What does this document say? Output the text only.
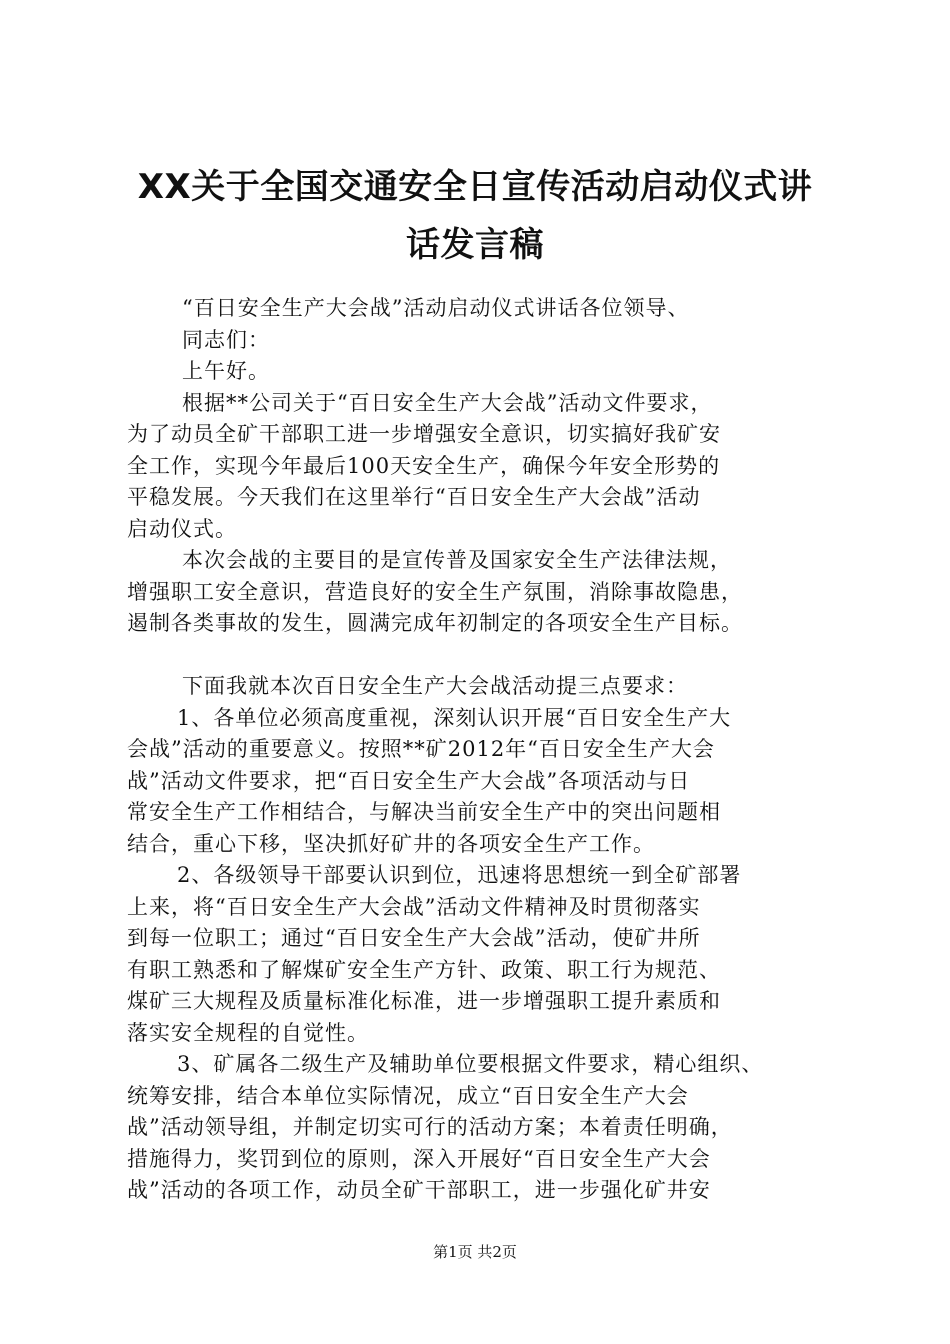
XX关于全国交通安全日宣传活动启动仪式讲
话发言稿
“百日安全生产大会战”活动启动仪式讲话各位领导、
同志们：
上午好。
根据**公司关于“百日安全生产大会战”活动文件要求，
为了动员全矿干部职工进一步增强安全意识，切实搞好我矿安
全工作，实现今年最后100天安全生产，确保今年安全形势的
平稳发展。今天我们在这里举行“百日安全生产大会战”活动
启动仪式。
本次会战的主要目的是宣传普及国家安全生产法律法规，
增强职工安全意识，营造良好的安全生产氛围，消除事故隐患，
遏制各类事故的发生，圆满完成年初制定的各项安全生产目标。
下面我就本次百日安全生产大会战活动提三点要求：
1、各单位必须高度重视，深刻认识开展“百日安全生产大
会战”活动的重要意义。按照**矿2012年“百日安全生产大会
战”活动文件要求，把“百日安全生产大会战”各项活动与日
常安全生产工作相结合，与解决当前安全生产中的突出问题相
结合，重心下移，坚决抓好矿井的各项安全生产工作。
2、各级领导干部要认识到位，迅速将思想统一到全矿部署
上来，将“百日安全生产大会战”活动文件精神及时贯彻落实
到每一位职工；通过“百日安全生产大会战”活动，使矿井所
有职工熟悉和了解煤矿安全生产方针、政策、职工行为规范、
煤矿三大规程及质量标准化标准，进一步增强职工提升素质和
落实安全规程的自觉性。
3、矿属各二级生产及辅助单位要根据文件要求，精心组织、
统筹安排，结合本单位实际情况，成立“百日安全生产大会
战”活动领导组，并制定切实可行的活动方案；本着责任明确，
措施得力，奖罚到位的原则，深入开展好“百日安全生产大会
战”活动的各项工作，动员全矿干部职工，进一步强化矿井安
第1页 共2页
